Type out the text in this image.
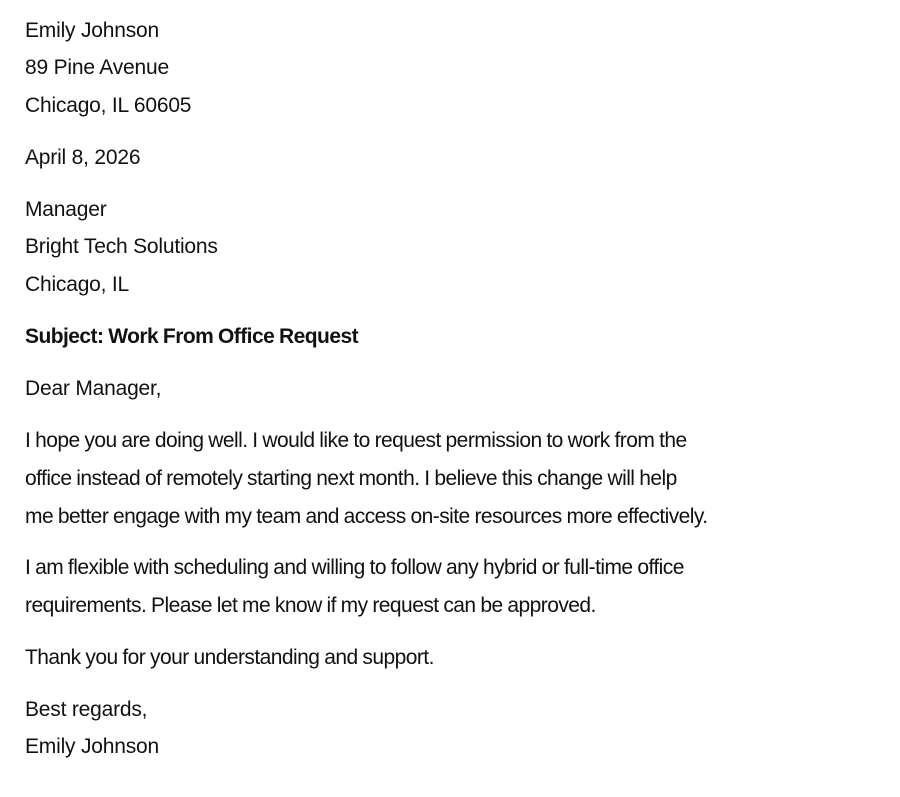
Emily Johnson
89 Pine Avenue
Chicago, IL 60605
April 8, 2026
Manager
Bright Tech Solutions
Chicago, IL
Subject: Work From Office Request
Dear Manager,
I hope you are doing well. I would like to request permission to work from the
office instead of remotely starting next month. I believe this change will help
me better engage with my team and access on-site resources more effectively.
I am flexible with scheduling and willing to follow any hybrid or full-time office
requirements. Please let me know if my request can be approved.
Thank you for your understanding and support.
Best regards,
Emily Johnson
